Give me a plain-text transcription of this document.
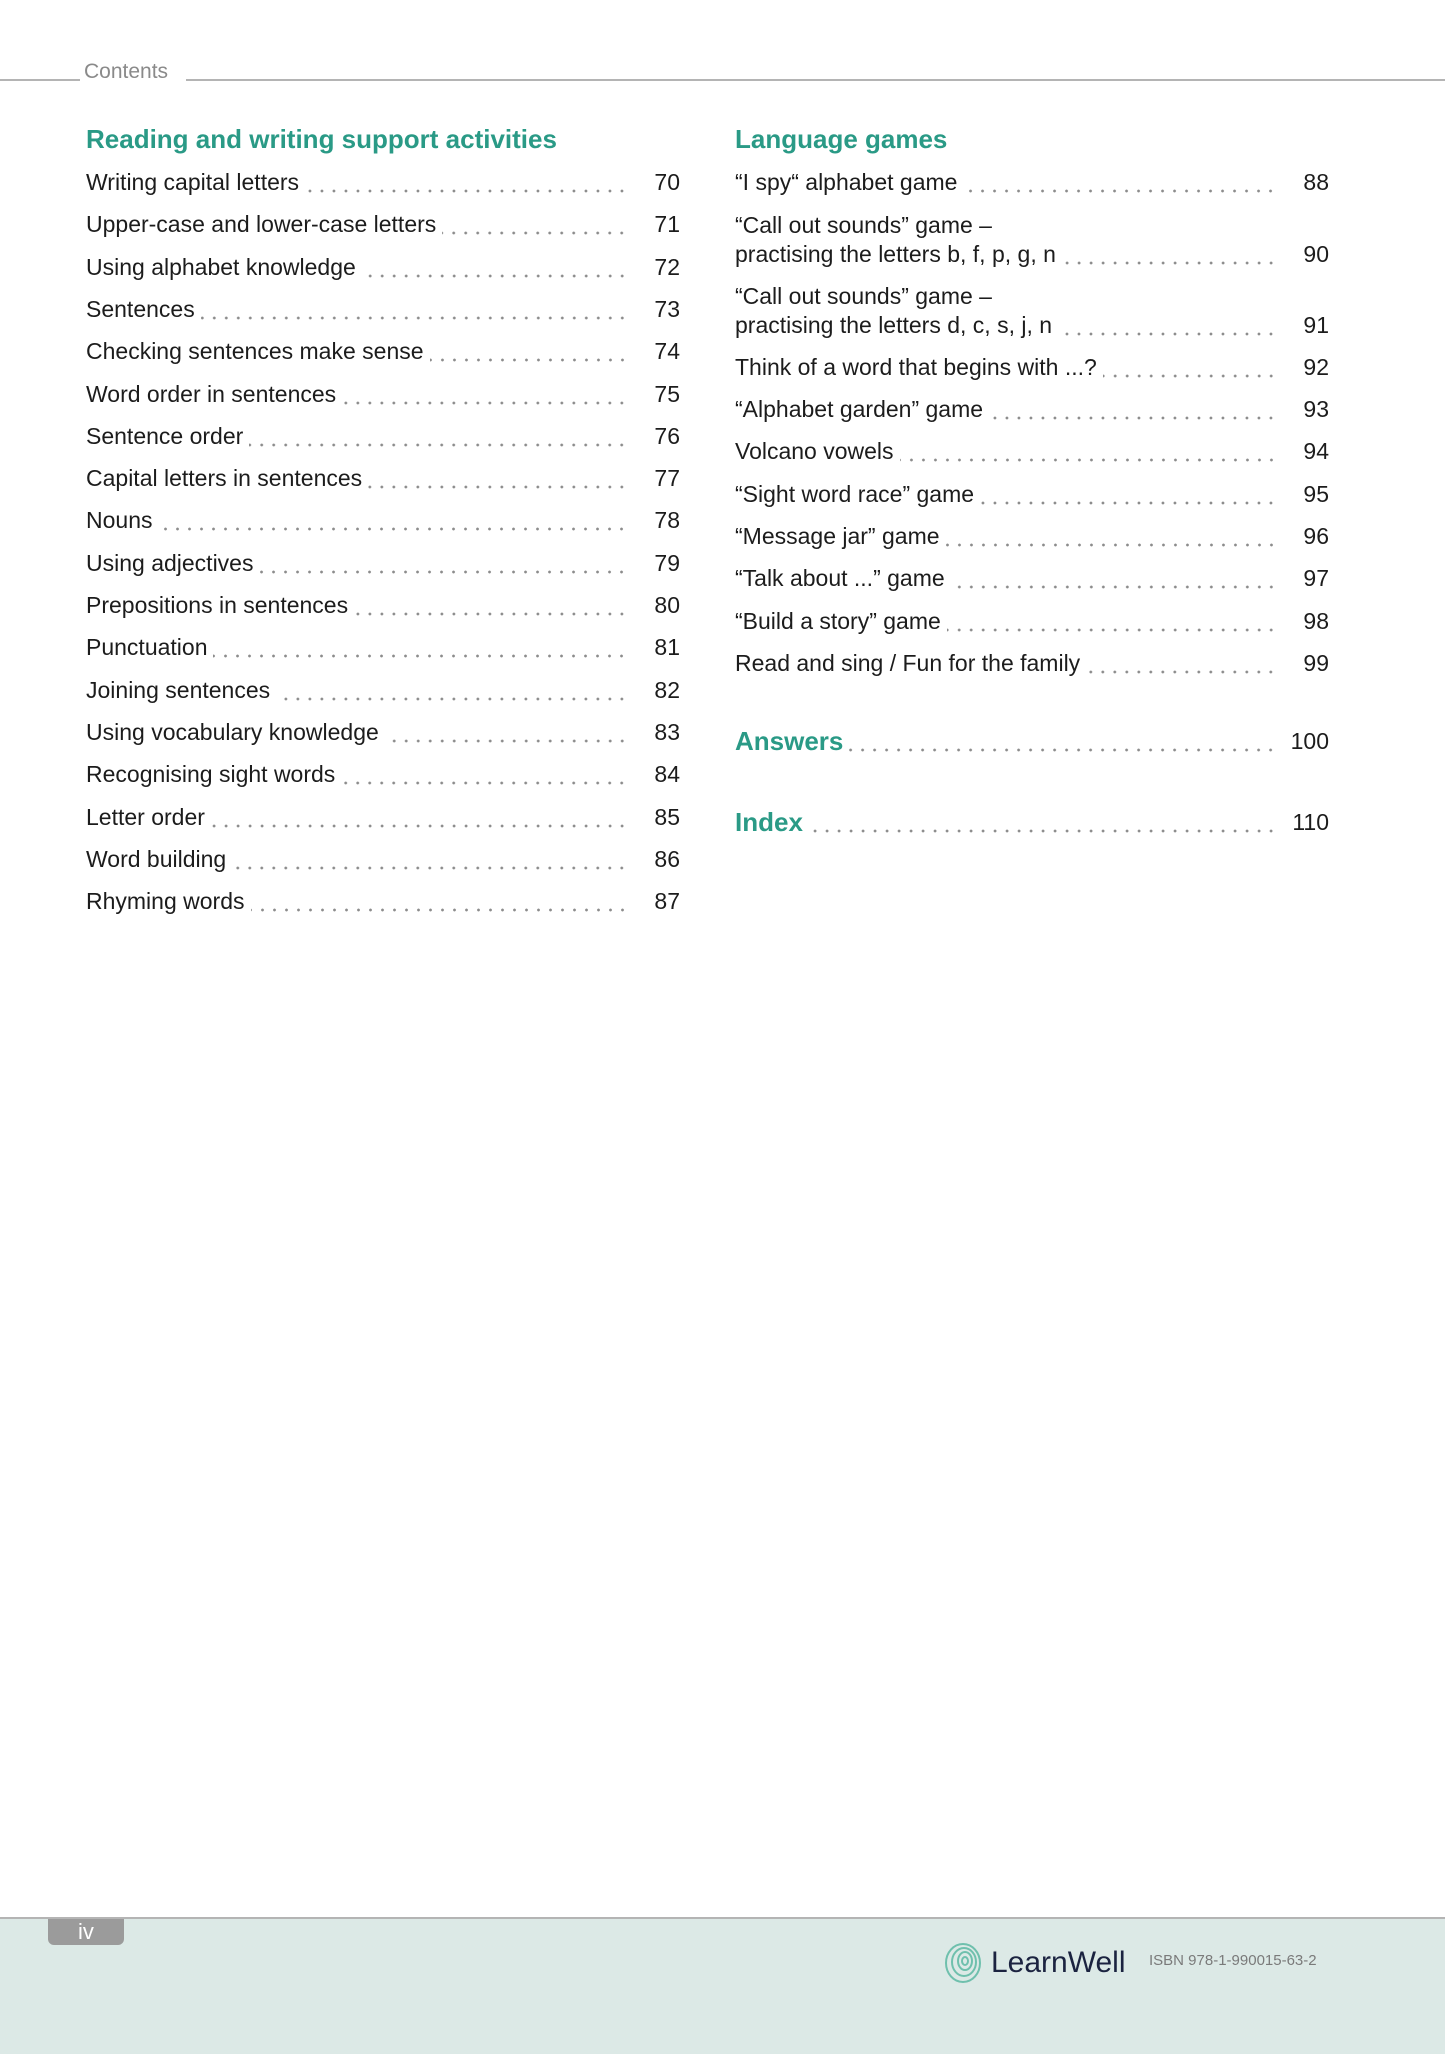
Contents
Reading and writing support activities
Writing capital letters	70
Upper-case and lower-case letters	71
Using alphabet knowledge	72
Sentences	73
Checking sentences make sense	74
Word order in sentences	75
Sentence order	76
Capital letters in sentences	77
Nouns	78
Using adjectives	79
Prepositions in sentences	80
Punctuation	81
Joining sentences	82
Using vocabulary knowledge	83
Recognising sight words	84
Letter order	85
Word building	86
Rhyming words	87
Language games
“I spy“ alphabet game	88
“Call out sounds” game –
practising the letters b, f, p, g, n	90
“Call out sounds” game –
practising the letters d, c, s, j, n	91
Think of a word that begins with ...?	92
“Alphabet garden” game	93
Volcano vowels	94
“Sight word race” game	95
“Message jar” game	96
“Talk about ...” game	97
“Build a story” game	98
Read and sing / Fun for the family	99
Answers	100
Index	110
iv
LearnWell ISBN 978-1-990015-63-2
